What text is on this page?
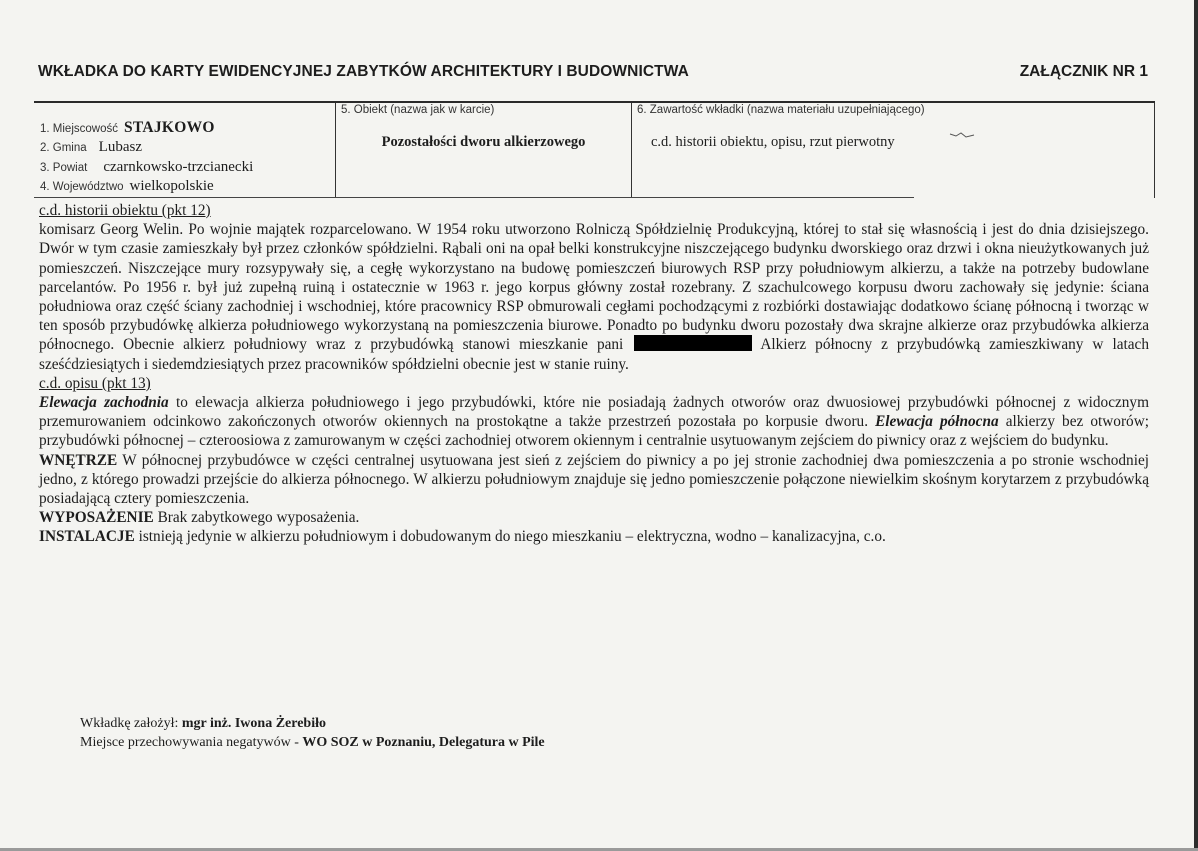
WKŁADKA DO KARTY EWIDENCYJNEJ ZABYTKÓW ARCHITEKTURY I BUDOWNICTWA	ZAŁĄCZNIK NR 1
1. Miejscowość STAJKOWO
2. Gmina Lubasz
3. Powiat czarnkowsko-trzcianecki
4. Województwo wielkopolskie
5. Obiekt (nazwa jak w karcie)
Pozostałości dworu alkierzowego
6. Zawartość wkładki (nazwa materiału uzupełniającego)
c.d. historii obiektu, opisu, rzut pierwotny

c.d. historii obiektu (pkt 12)

komisarz Georg Welin. Po wojnie majątek rozparcelowano. W 1954 roku utworzono Rolniczą Spółdzielnię Produkcyjną, której to stał się własnością i jest do dnia dzisiejszego. Dwór w tym czasie zamieszkały był przez członków spółdzielni. Rąbali oni na opał belki konstrukcyjne niszczejącego budynku dworskiego oraz drzwi i okna nieużytkowanych już pomieszczeń. Niszczejące mury rozsypywały się, a cegłę wykorzystano na budowę pomieszczeń biurowych RSP przy południowym alkierzu, a także na potrzeby budowlane parcelantów. Po 1956 r. był już zupełną ruiną i ostatecznie w 1963 r. jego korpus główny został rozebrany. Z szachulcowego korpusu dworu zachowały się jedynie: ściana południowa oraz część ściany zachodniej i wschodniej, które pracownicy RSP obmurowali cegłami pochodzącymi z rozbiórki dostawiając dodatkowo ścianę północną i tworząc w ten sposób przybudówkę alkierza południowego wykorzystaną na pomieszczenia biurowe. Ponadto po budynku dworu pozostały dwa skrajne alkierze oraz przybudówka alkierza północnego. Obecnie alkierz południowy wraz z przybudówką stanowi mieszkanie pani	Alkierz północny z przybudówką zamieszkiwany w latach sześćdziesiątych i siedemdziesiątych przez pracowników spółdzielni obecnie jest w stanie ruiny.

c.d. opisu (pkt 13)

Elewacja zachodnia to elewacja alkierza południowego i jego przybudówki, które nie posiadają żadnych otworów oraz dwuosiowej przybudówki północnej z widocznym przemurowaniem odcinkowo zakończonych otworów okiennych na prostokątne a także przestrzeń pozostała po korpusie dworu. Elewacja północna alkierzy bez otworów; przybudówki północnej – czteroosiowa z zamurowanym w części zachodniej otworem okiennym i centralnie usytuowanym zejściem do piwnicy oraz z wejściem do budynku.

WNĘTRZE W północnej przybudówce w części centralnej usytuowana jest sień z zejściem do piwnicy a po jej stronie zachodniej dwa pomieszczenia a po stronie wschodniej jedno, z którego prowadzi przejście do alkierza północnego. W alkierzu południowym znajduje się jedno pomieszczenie połączone niewielkim skośnym korytarzem z przybudówką posiadającą cztery pomieszczenia.

WYPOSAŻENIE Brak zabytkowego wyposażenia.

INSTALACJE istnieją jedynie w alkierzu południowym i dobudowanym do niego mieszkaniu – elektryczna, wodno – kanalizacyjna, c.o.

Wkładkę założył: mgr inż. Iwona Żerebiło
Miejsce przechowywania negatywów - WO SOZ w Poznaniu, Delegatura w Pile
